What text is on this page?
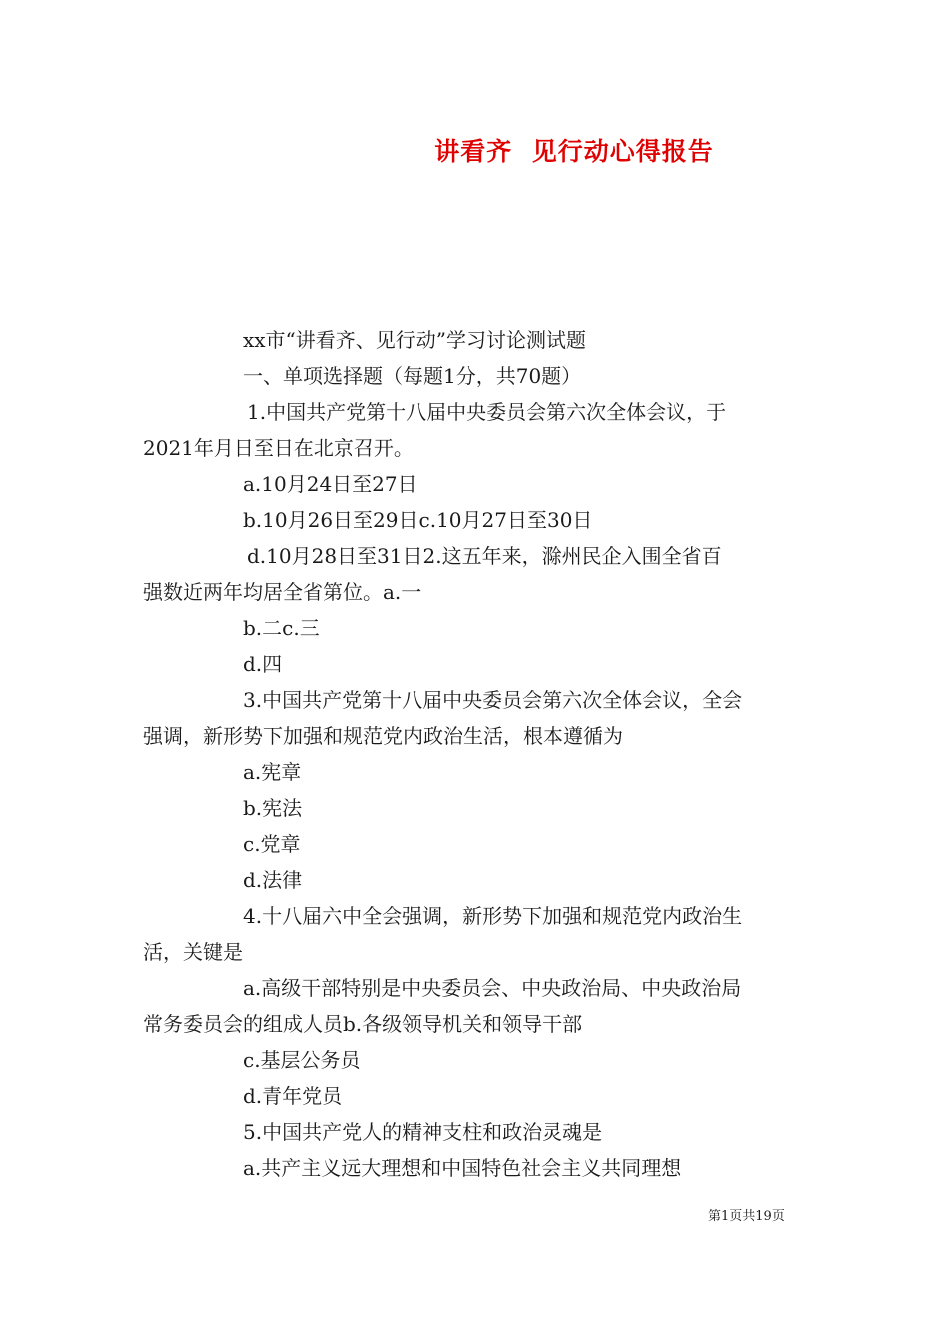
讲看齐  见行动心得报告
xx市“讲看齐、见行动”学习讨论测试题
一、单项选择题（每题1分，共70题）
1.中国共产党第十八届中央委员会第六次全体会议，于
2021年月日至日在北京召开。
a.10月24日至27日
b.10月26日至29日c.10月27日至30日
d.10月28日至31日2.这五年来，滁州民企入围全省百
强数近两年均居全省第位。a.一
b.二c.三
d.四
3.中国共产党第十八届中央委员会第六次全体会议，全会
强调，新形势下加强和规范党内政治生活，根本遵循为
a.宪章
b.宪法
c.党章
d.法律
4.十八届六中全会强调，新形势下加强和规范党内政治生
活，关键是
a.高级干部特别是中央委员会、中央政治局、中央政治局
常务委员会的组成人员b.各级领导机关和领导干部
c.基层公务员
d.青年党员
5.中国共产党人的精神支柱和政治灵魂是
a.共产主义远大理想和中国特色社会主义共同理想
第1页共19页
